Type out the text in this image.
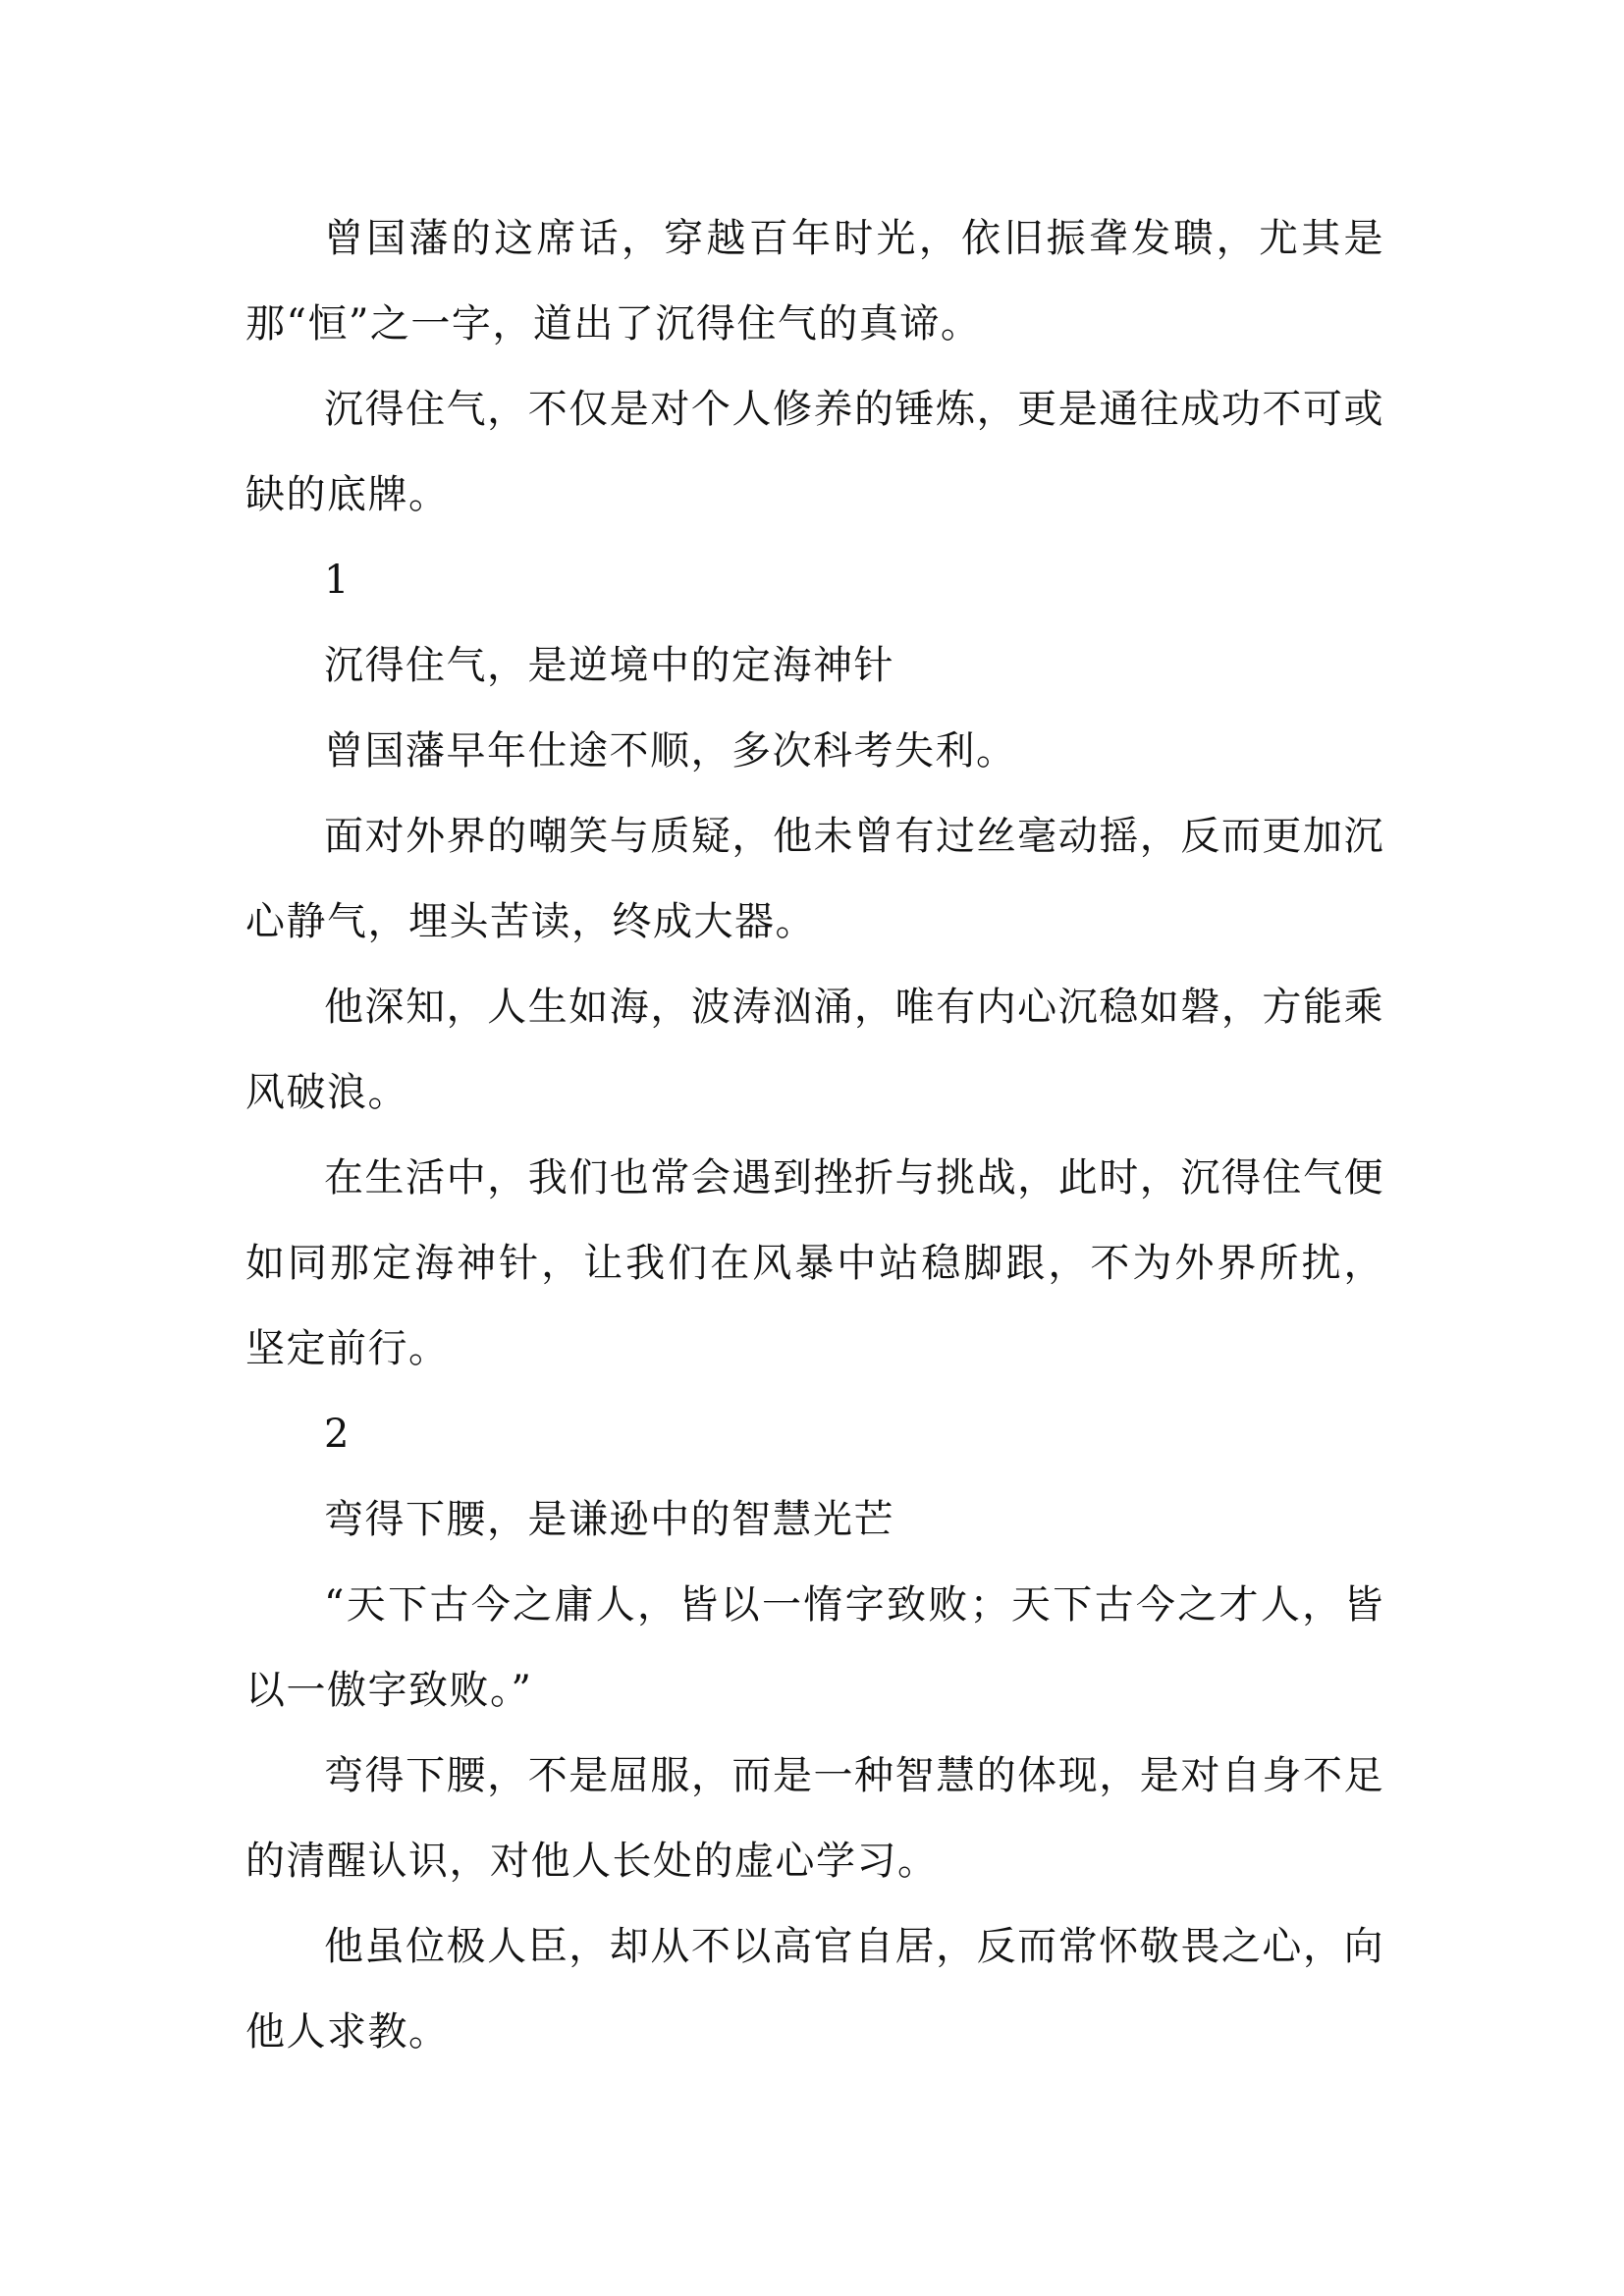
曾国藩的这席话，穿越百年时光，依旧振聋发聩，尤其是那“恒”之一字，道出了沉得住气的真谛。

沉得住气，不仅是对个人修养的锤炼，更是通往成功不可或缺的底牌。

1

沉得住气，是逆境中的定海神针

曾国藩早年仕途不顺，多次科考失利。

面对外界的嘲笑与质疑，他未曾有过丝毫动摇，反而更加沉心静气，埋头苦读，终成大器。

他深知，人生如海，波涛汹涌，唯有内心沉稳如磐，方能乘风破浪。

在生活中，我们也常会遇到挫折与挑战，此时，沉得住气便如同那定海神针，让我们在风暴中站稳脚跟，不为外界所扰，坚定前行。

2

弯得下腰，是谦逊中的智慧光芒

“天下古今之庸人，皆以一惰字致败；天下古今之才人，皆以一傲字致败。”

弯得下腰，不是屈服，而是一种智慧的体现，是对自身不足的清醒认识，对他人长处的虚心学习。

他虽位极人臣，却从不以高官自居，反而常怀敬畏之心，向他人求教。
